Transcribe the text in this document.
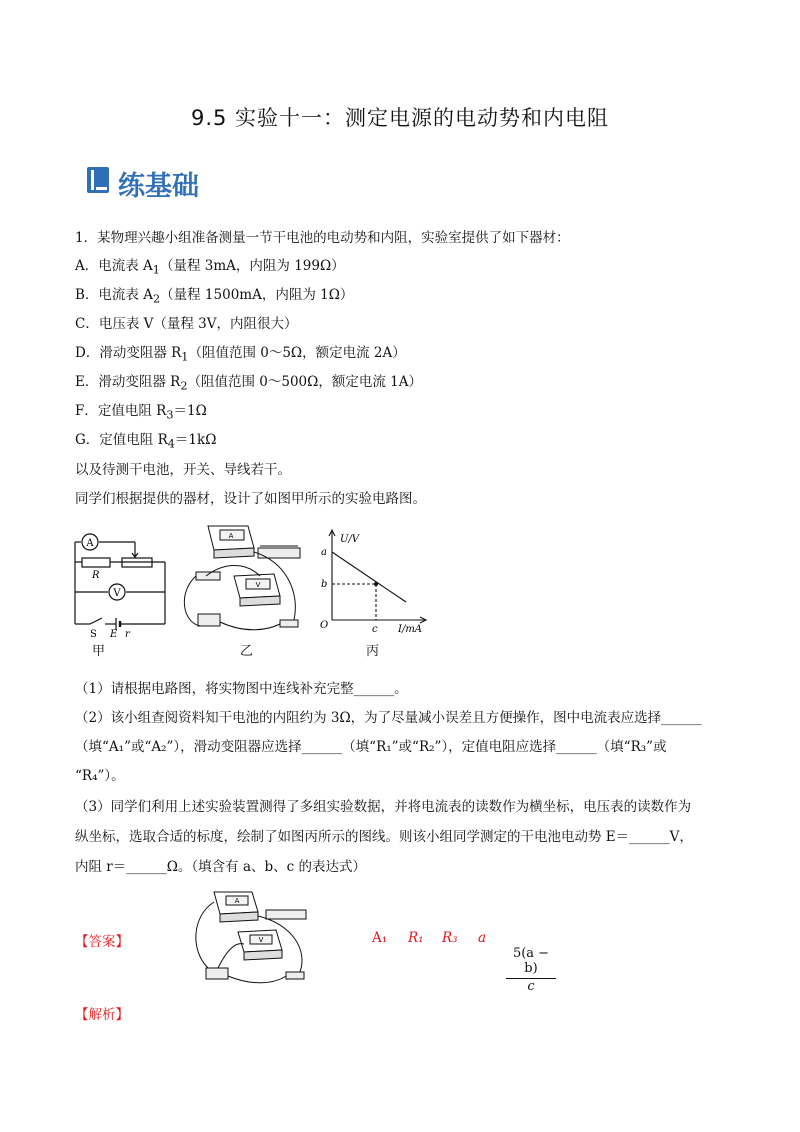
9.5 实验十一：测定电源的电动势和内电阻
练基础
1．某物理兴趣小组准备测量一节干电池的电动势和内阻，实验室提供了如下器材：
A．电流表 $A_1$（量程 3mA，内阻为 199Ω）
B．电流表 $A_2$（量程 1500mA，内阻为 1Ω）
C．电压表 V（量程 3V，内阻很大）
D．滑动变阻器 $R_1$（阻值范围 0～5Ω，额定电流 2A）
E．滑动变阻器 $R_2$（阻值范围 0～500Ω，额定电流 1A）
F．定值电阻 $R_3=1\Omega$
G．定值电阻 $R_4=1k\Omega$
以及待测干电池，开关、导线若干。
同学们根据提供的器材，设计了如图甲所示的实验电路图。
A
V
R
S E r
甲
A
V
乙
U/V
I/mA
O
a
b
c
丙
（1）请根据电路图，将实物图中连线补充完整______。
（2）该小组查阅资料知干电池的内阻约为 3Ω，为了尽量减小误差且方便操作，图中电流表应选择______
（填“A₁”或“A₂”），滑动变阻器应选择______（填“R₁”或“R₂”），定值电阻应选择______（填“R₃”或
“R₄”）。
（3）同学们利用上述实验装置测得了多组实验数据，并将电流表的读数作为横坐标，电压表的读数作为
纵坐标，选取合适的标度，绘制了如图丙所示的图线。则该小组同学测定的干电池电动势 E＝______V，
内阻 r＝______Ω。（填含有 a、b、c 的表达式）
【答案】
A
V	A₁ R₁ R₃ a
$\frac{5(a - b)}{c}$
【解析】
